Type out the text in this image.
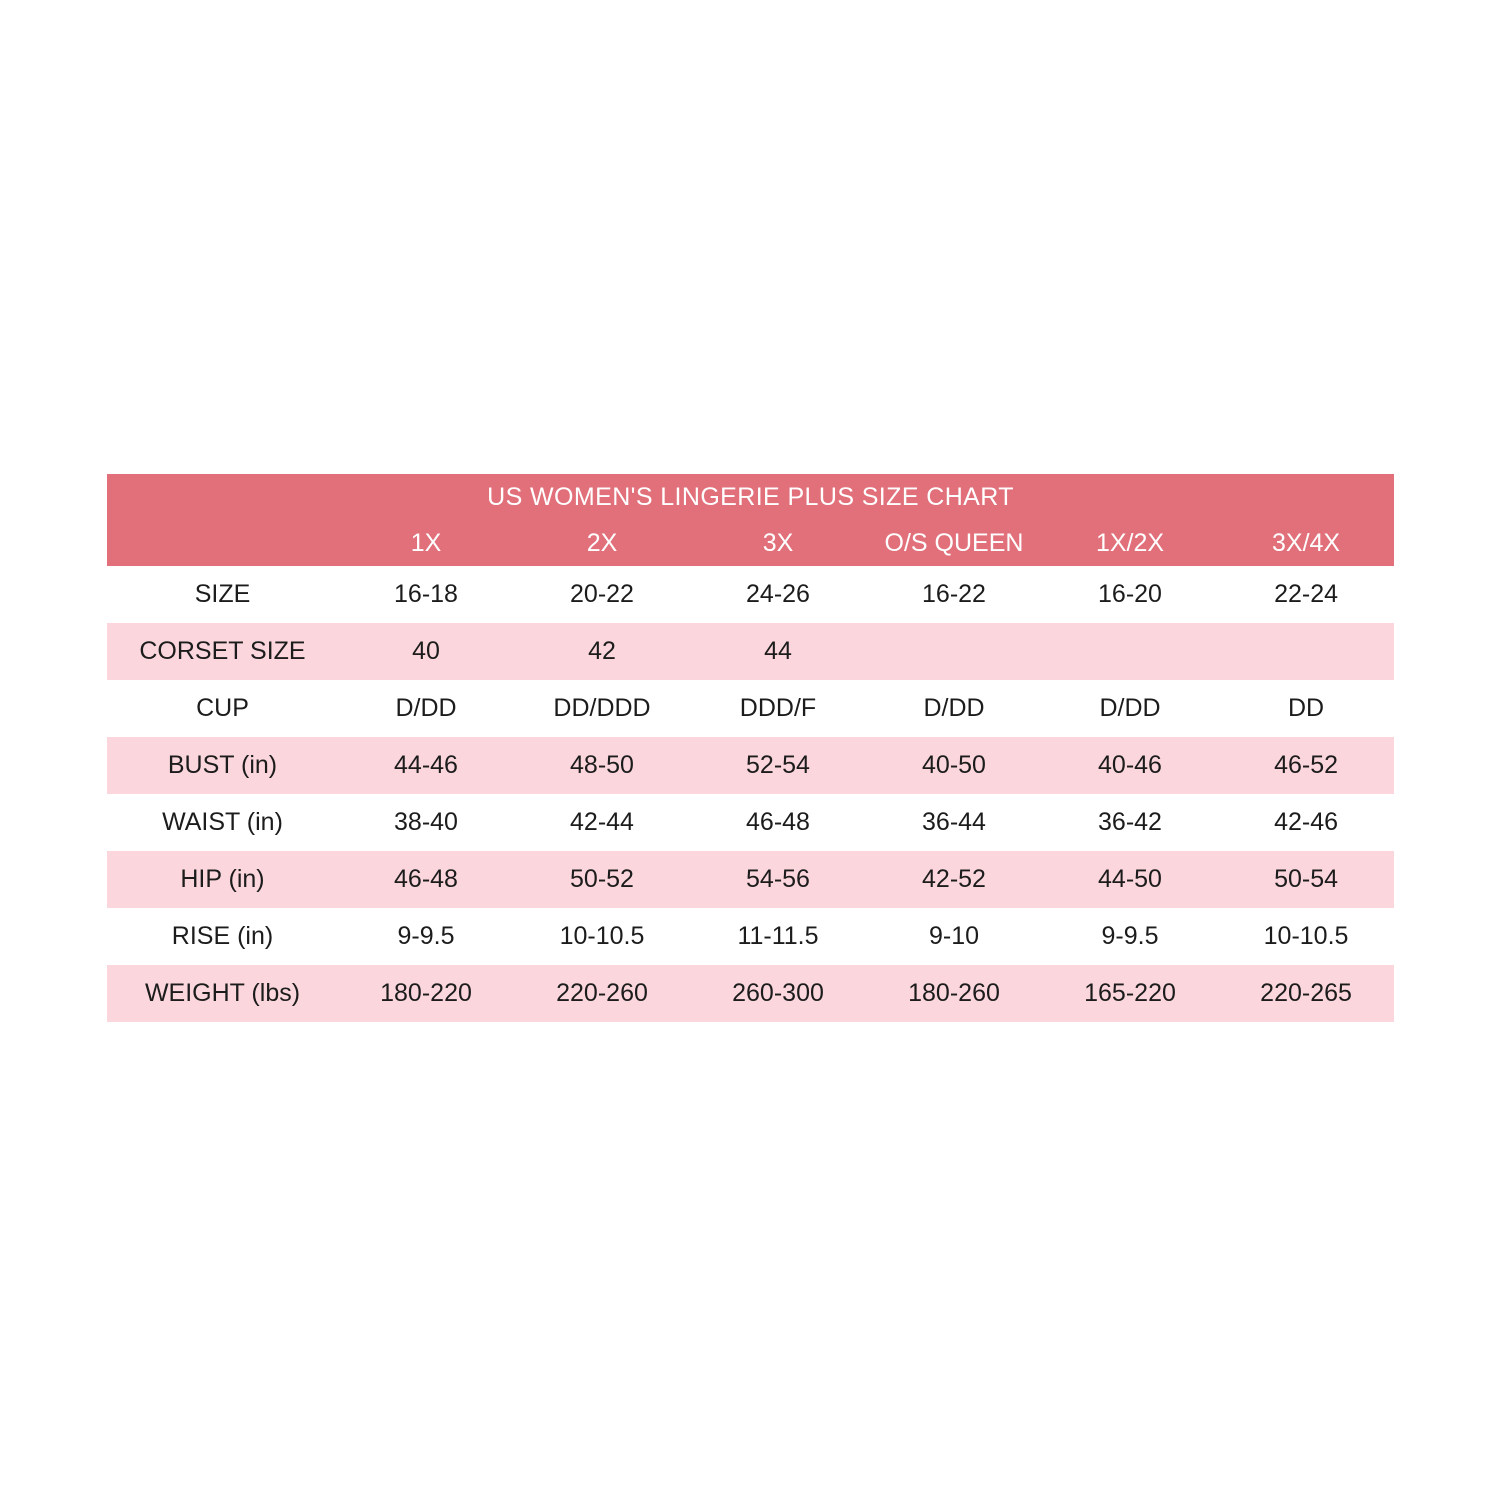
US WOMEN'S LINGERIE PLUS SIZE CHART						
	1X	2X	3X	O/S QUEEN	1X/2X	3X/4X
SIZE	16-18	20-22	24-26	16-22	16-20	22-24
CORSET SIZE	40	42	44			
CUP	D/DD	DD/DDD	DDD/F	D/DD	D/DD	DD
BUST (in)	44-46	48-50	52-54	40-50	40-46	46-52
WAIST (in)	38-40	42-44	46-48	36-44	36-42	42-46
HIP (in)	46-48	50-52	54-56	42-52	44-50	50-54
RISE (in)	9-9.5	10-10.5	11-11.5	9-10	9-9.5	10-10.5
WEIGHT (lbs)	180-220	220-260	260-300	180-260	165-220	220-265
